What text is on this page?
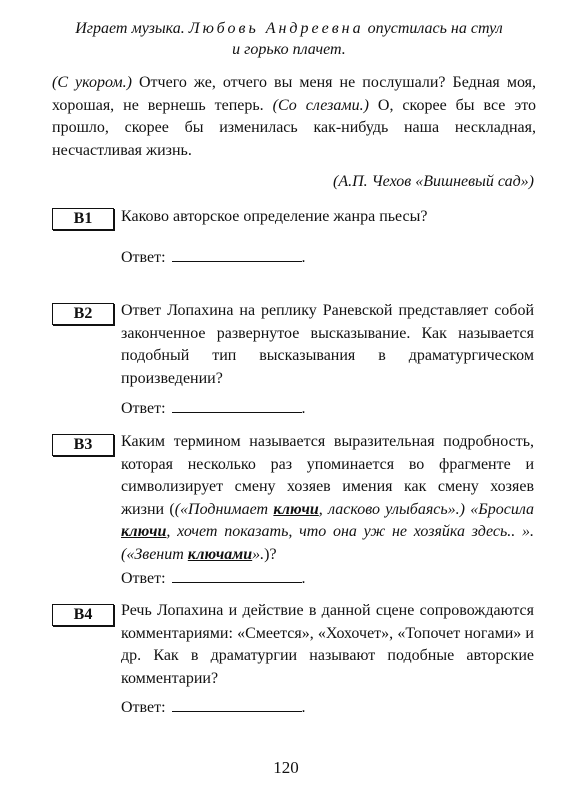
Играет музыка. Любовь Андреевна опустилась на стул
и горько плачет.
(С укором.) Отчего же, отчего вы меня не послушали? Бедная моя, хорошая, не вернешь теперь. (Со слезами.) О, скорее бы все это прошло, скорее бы изменилась как-нибудь наша нескладная, несчастливая жизнь.
(А.П. Чехов «Вишневый сад»)
B1	Каково авторское определение жанра пьесы?
Ответ:	.
B2	Ответ Лопахина на реплику Раневской представляет собой законченное развернутое высказывание. Как называется подобный тип высказывания в драматургическом произведении?
Ответ:	.
B3	Каким термином называется выразительная подробность, которая несколько раз упоминается во фрагменте и символизирует смену хозяев имения как смену хозяев жизни ((«Поднимает ключи, ласково улыбаясь».) «Бросила ключи, хочет показать, что она уж не хозяйка здесь.. ». («Звенит ключами».)?
Ответ:	.
B4	Речь Лопахина и действие в данной сцене сопровождаются комментариями: «Смеется», «Хохочет», «Топочет ногами» и др. Как в драматургии называют подобные авторские комментарии?
Ответ:	.
120
